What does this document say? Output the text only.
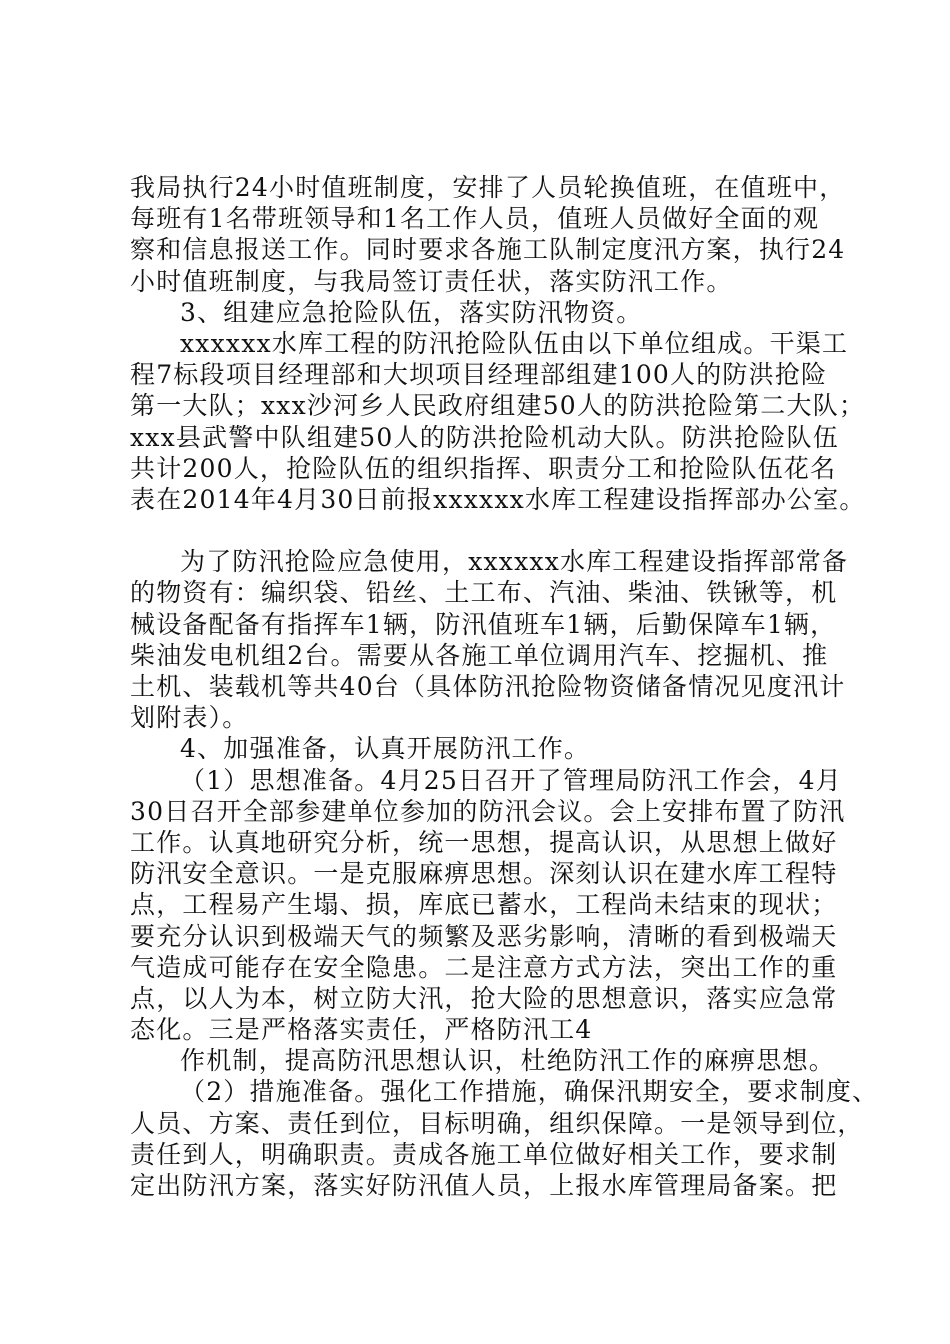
我局执行24小时值班制度，安排了人员轮换值班，在值班中，
每班有1名带班领导和1名工作人员，值班人员做好全面的观
察和信息报送工作。同时要求各施工队制定度汛方案，执行24
小时值班制度，与我局签订责任状，落实防汛工作。
3、组建应急抢险队伍，落实防汛物资。
xxxxxx水库工程的防汛抢险队伍由以下单位组成。干渠工
程7标段项目经理部和大坝项目经理部组建100人的防洪抢险
第一大队；xxx沙河乡人民政府组建50人的防洪抢险第二大队；
xxx县武警中队组建50人的防洪抢险机动大队。防洪抢险队伍
共计200人，抢险队伍的组织指挥、职责分工和抢险队伍花名
表在2014年4月30日前报xxxxxx水库工程建设指挥部办公室。
为了防汛抢险应急使用，xxxxxx水库工程建设指挥部常备
的物资有：编织袋、铅丝、土工布、汽油、柴油、铁锹等，机
械设备配备有指挥车1辆，防汛值班车1辆，后勤保障车1辆，
柴油发电机组2台。需要从各施工单位调用汽车、挖掘机、推
土机、装载机等共40台（具体防汛抢险物资储备情况见度汛计
划附表）。
4、加强准备，认真开展防汛工作。
（1）思想准备。4月25日召开了管理局防汛工作会，4月
30日召开全部参建单位参加的防汛会议。会上安排布置了防汛
工作。认真地研究分析，统一思想，提高认识，从思想上做好
防汛安全意识。一是克服麻痹思想。深刻认识在建水库工程特
点，工程易产生塌、损，库底已蓄水，工程尚未结束的现状；
要充分认识到极端天气的频繁及恶劣影响，清晰的看到极端天
气造成可能存在安全隐患。二是注意方式方法，突出工作的重
点，以人为本，树立防大汛，抢大险的思想意识，落实应急常
态化。三是严格落实责任，严格防汛工4
作机制，提高防汛思想认识，杜绝防汛工作的麻痹思想。
（2）措施准备。强化工作措施，确保汛期安全，要求制度、
人员、方案、责任到位，目标明确，组织保障。一是领导到位，
责任到人，明确职责。责成各施工单位做好相关工作，要求制
定出防汛方案，落实好防汛值人员，上报水库管理局备案。把
